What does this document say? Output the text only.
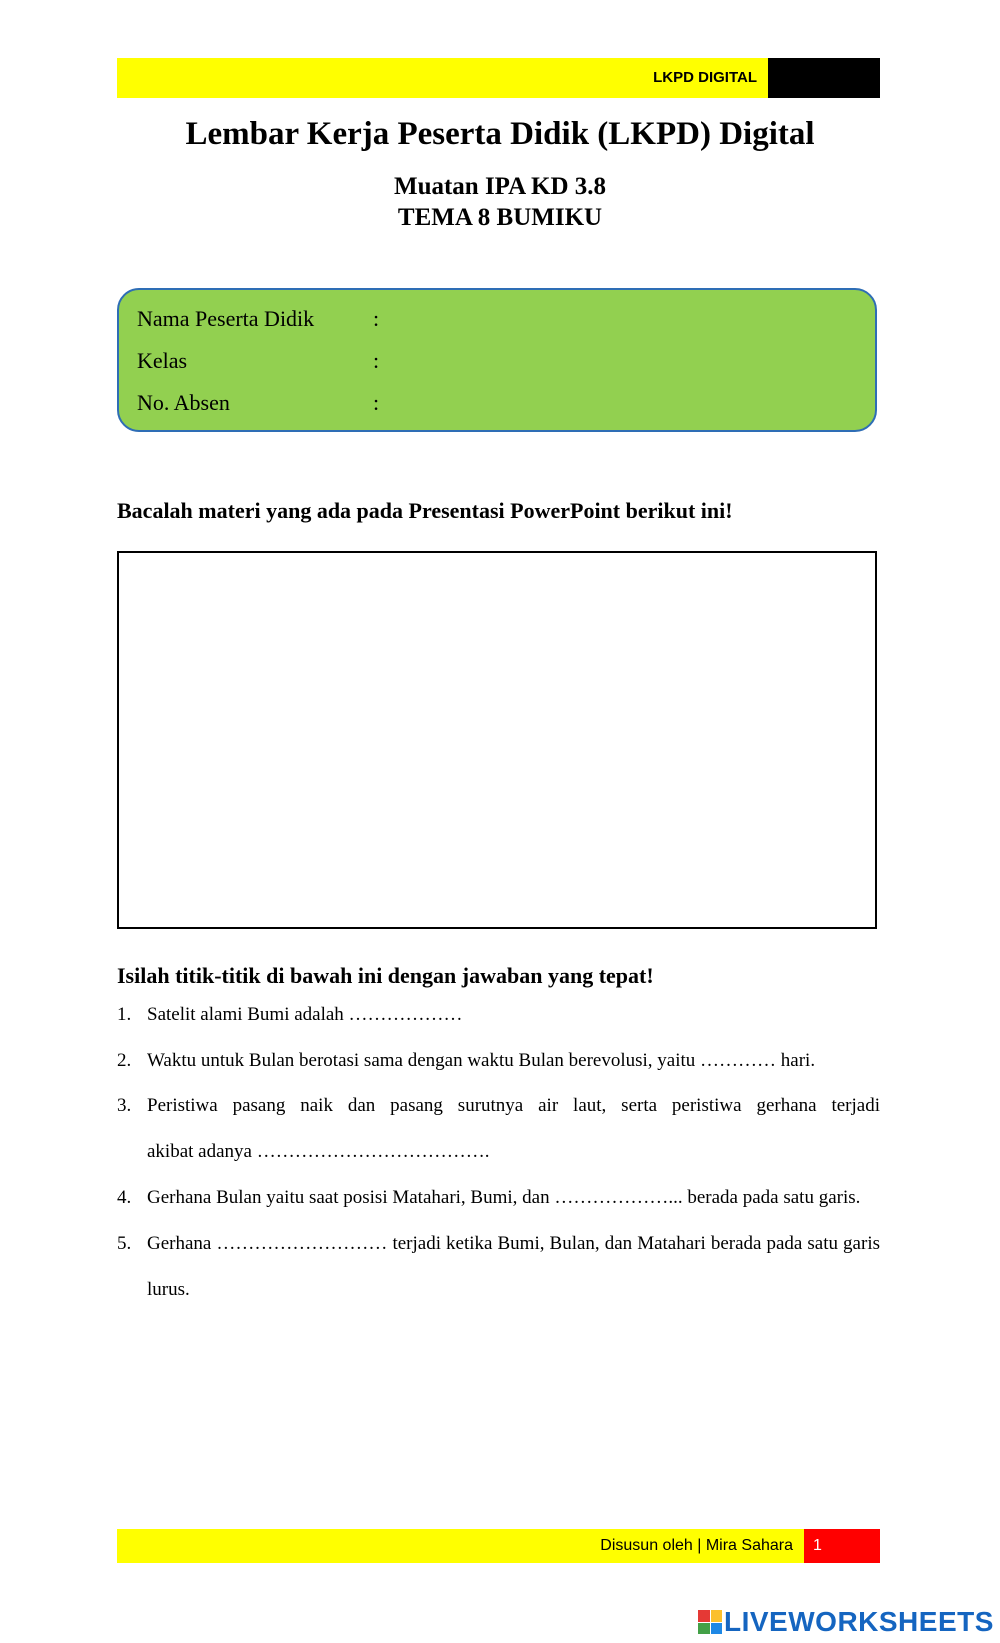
LKPD DIGITAL
Lembar Kerja Peserta Didik (LKPD) Digital
Muatan IPA KD 3.8
TEMA 8 BUMIKU
Nama Peserta Didik	:
Kelas	:
No. Absen	:
Bacalah materi yang ada pada Presentasi PowerPoint berikut ini!
Isilah titik-titik di bawah ini dengan jawaban yang tepat!
1. Satelit alami Bumi adalah ………………
2. Waktu untuk Bulan berotasi sama dengan waktu Bulan berevolusi, yaitu ………… hari.
3. Peristiwa pasang naik dan pasang surutnya air laut, serta peristiwa gerhana terjadi
akibat adanya ……………………………….
4. Gerhana Bulan yaitu saat posisi Matahari, Bumi, dan ………………... berada pada satu garis.
5. Gerhana ……………………… terjadi ketika Bumi, Bulan, dan Matahari berada pada satu garis
lurus.
Disusun oleh | Mira Sahara	1
LIVEWORKSHEETS
